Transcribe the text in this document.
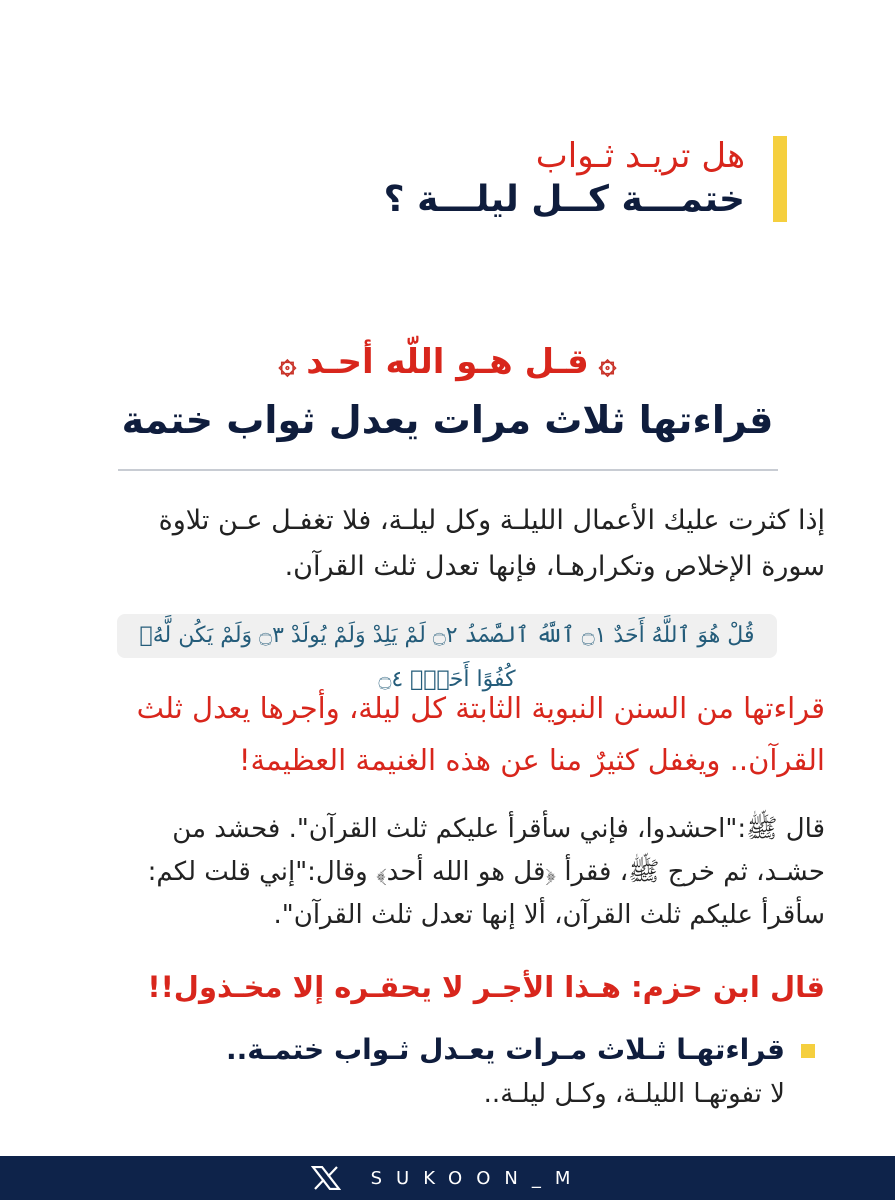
هل تريـد ثـواب
ختمـــة كــل ليلـــة ؟
۞قـل هـو اللّه أحـد۞
قراءتها ثلاث مرات يعدل ثواب ختمة
إذا كثرت عليك الأعمال الليلـة وكل ليلـة، فلا تغفـل عـن تلاوة سورة الإخلاص وتكرارهـا، فإنها تعدل ثلث القرآن.
قُلْ هُوَ ٱللَّهُ أَحَدٌ ۝١ ٱللَّهُ ٱلصَّمَدُ ۝٢ لَمْ يَلِدْ وَلَمْ يُولَدْ ۝٣ وَلَمْ يَكُن لَّهُۥ كُفُوًا أَحَدٌۢ ۝٤
قراءتها من السنن النبوية الثابتة كل ليلة، وأجرها يعدل ثلث القرآن.. ويغفل كثيرٌ منا عن هذه الغنيمة العظيمة!
قال ﷺ:"احشدوا، فإني سأقرأ عليكم ثلث القرآن". فحشد من حشـد، ثم خرج ﷺ، فقرأ ﴿قل هو الله أحد﴾ وقال:"إني قلت لكم: سأقرأ عليكم ثلث القرآن، ألا إنها تعدل ثلث القرآن".
قال ابن حزم: هـذا الأجـر لا يحقـره إلا مخـذول!!
قراءتهـا ثـلاث مـرات يعـدل ثـواب ختمـة..
لا تفوتهـا الليلـة، وكـل ليلـة..
SUKOON_M
